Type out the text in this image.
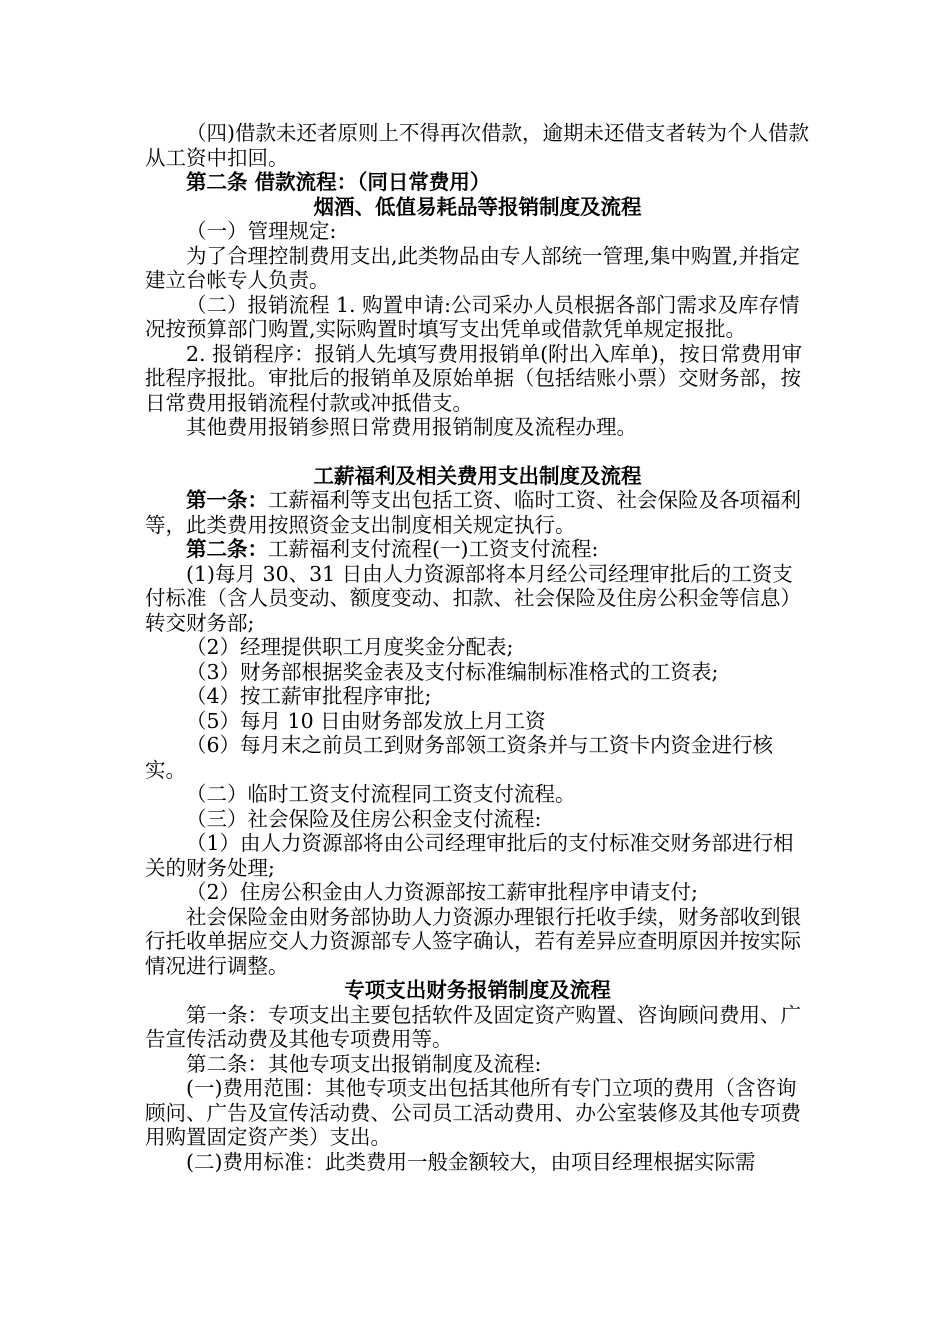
（四)借款未还者原则上不得再次借款，逾期未还借支者转为个人借款从工资中扣回。

第二条 借款流程：（同日常费用）

烟酒、低值易耗品等报销制度及流程

（一）管理规定:

为了合理控制费用支出,此类物品由专人部统一管理,集中购置,并指定建立台帐专人负责。

（二）报销流程 1. 购置申请:公司采办人员根据各部门需求及库存情况按预算部门购置,实际购置时填写支出凭单或借款凭单规定报批。

2. 报销程序：报销人先填写费用报销单(附出入库单)，按日常费用审批程序报批。审批后的报销单及原始单据（包括结账小票）交财务部，按日常费用报销流程付款或冲抵借支。

其他费用报销参照日常费用报销制度及流程办理。

工薪福利及相关费用支出制度及流程

第一条：工薪福利等支出包括工资、临时工资、社会保险及各项福利等，此类费用按照资金支出制度相关规定执行。

第二条：工薪福利支付流程(一)工资支付流程:

(1)每月 30、31 日由人力资源部将本月经公司经理审批后的工资支付标准（含人员变动、额度变动、扣款、社会保险及住房公积金等信息）转交财务部;

（2）经理提供职工月度奖金分配表;

（3）财务部根据奖金表及支付标准编制标准格式的工资表;

（4）按工薪审批程序审批;

（5）每月 10 日由财务部发放上月工资

（6）每月末之前员工到财务部领工资条并与工资卡内资金进行核实。

（二）临时工资支付流程同工资支付流程。

（三）社会保险及住房公积金支付流程:

（1）由人力资源部将由公司经理审批后的支付标准交财务部进行相关的财务处理;

（2）住房公积金由人力资源部按工薪审批程序申请支付;

社会保险金由财务部协助人力资源办理银行托收手续，财务部收到银行托收单据应交人力资源部专人签字确认，若有差异应查明原因并按实际情况进行调整。

专项支出财务报销制度及流程

第一条：专项支出主要包括软件及固定资产购置、咨询顾问费用、广告宣传活动费及其他专项费用等。

第二条：其他专项支出报销制度及流程:

(一)费用范围：其他专项支出包括其他所有专门立项的费用（含咨询顾问、广告及宣传活动费、公司员工活动费用、办公室装修及其他专项费用购置固定资产类）支出。

(二)费用标准：此类费用一般金额较大，由项目经理根据实际需
